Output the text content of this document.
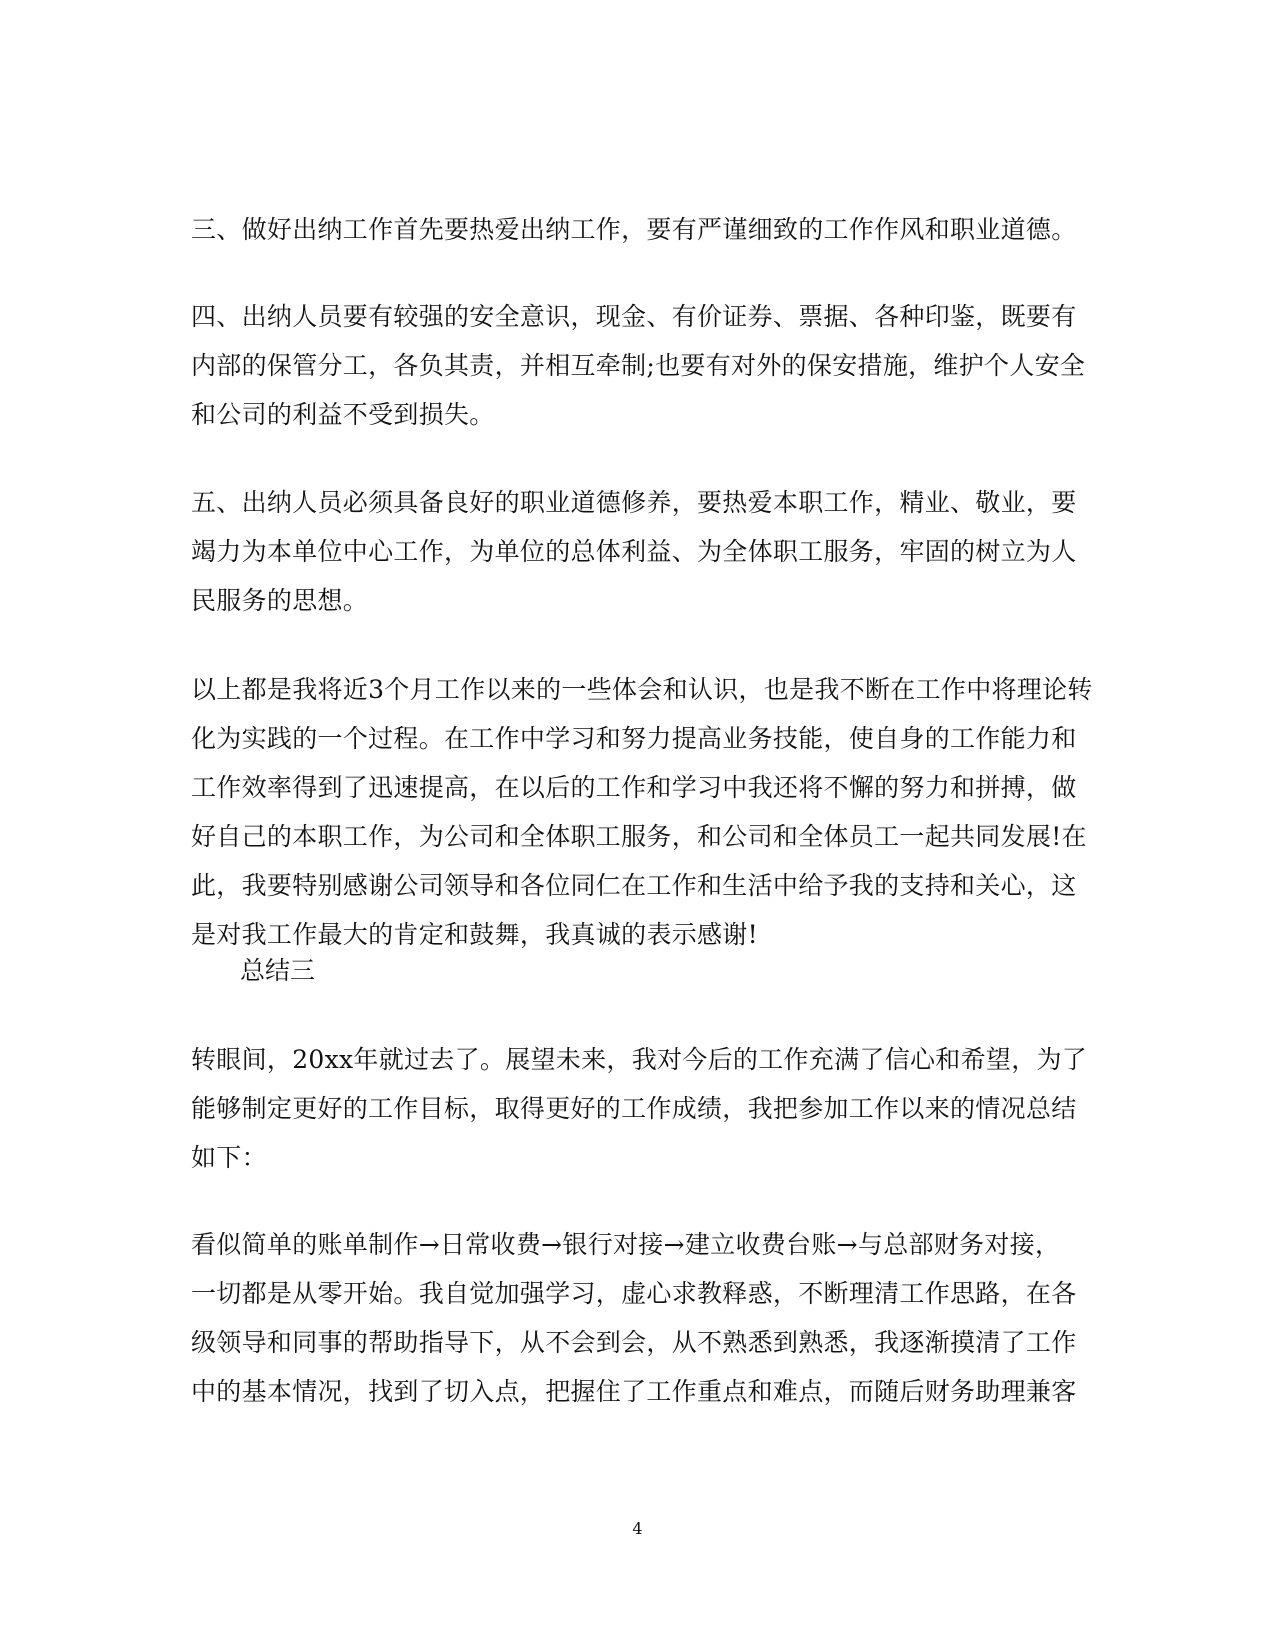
三、做好出纳工作首先要热爱出纳工作，要有严谨细致的工作作风和职业道德。

四、出纳人员要有较强的安全意识，现金、有价证券、票据、各种印鉴，既要有
内部的保管分工，各负其责，并相互牵制;也要有对外的保安措施，维护个人安全
和公司的利益不受到损失。

五、出纳人员必须具备良好的职业道德修养，要热爱本职工作，精业、敬业，要
竭力为本单位中心工作，为单位的总体利益、为全体职工服务，牢固的树立为人
民服务的思想。

以上都是我将近3个月工作以来的一些体会和认识，也是我不断在工作中将理论转
化为实践的一个过程。在工作中学习和努力提高业务技能，使自身的工作能力和
工作效率得到了迅速提高，在以后的工作和学习中我还将不懈的努力和拼搏，做
好自己的本职工作，为公司和全体职工服务，和公司和全体员工一起共同发展!在
此，我要特别感谢公司领导和各位同仁在工作和生活中给予我的支持和关心，这
是对我工作最大的肯定和鼓舞，我真诚的表示感谢!

总结三

转眼间，20xx年就过去了。展望未来，我对今后的工作充满了信心和希望，为了
能够制定更好的工作目标，取得更好的工作成绩，我把参加工作以来的情况总结
如下：

看似简单的账单制作→日常收费→银行对接→建立收费台账→与总部财务对接，
一切都是从零开始。我自觉加强学习，虚心求教释惑，不断理清工作思路，在各
级领导和同事的帮助指导下，从不会到会，从不熟悉到熟悉，我逐渐摸清了工作
中的基本情况，找到了切入点，把握住了工作重点和难点，而随后财务助理兼客

4
